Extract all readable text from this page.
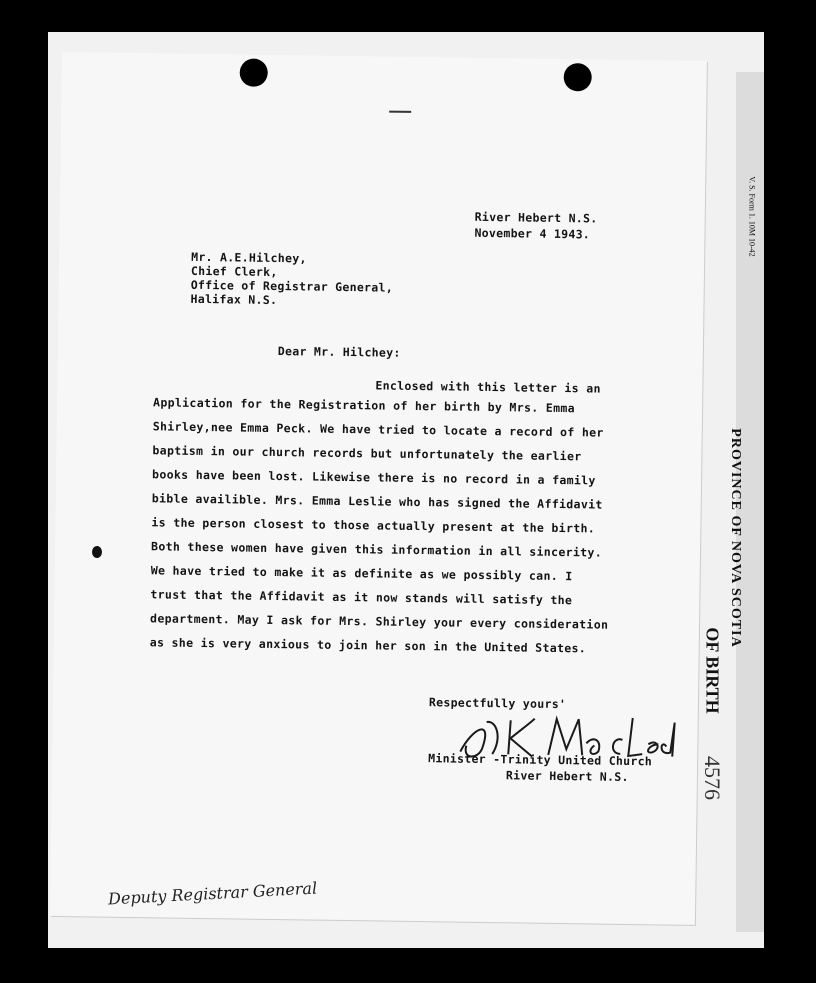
V. S. Form 1. 10M 10-42
PROVINCE OF NOVA SCOTIA
OF BIRTH
4576
River Hebert N.S.
November 4 1943.
Mr. A.E.Hilchey,
Chief Clerk,
Office of Registrar General,
Halifax N.S.
Dear Mr. Hilchey:
Enclosed with this letter is an
Application for the Registration of her birth by Mrs. Emma
Shirley,nee Emma Peck. We have tried to locate a record of her
baptism in our church records but unfortunately the earlier
books have been lost. Likewise there is no record in a family
bible availible. Mrs. Emma Leslie who has signed the Affidavit
is the person closest to those actually present at the birth.
Both these women have given this information in all sincerity.
We have tried to make it as definite as we possibly can. I
trust that the Affidavit as it now stands will satisfy the
department. May I ask for Mrs. Shirley your every consideration
as she is very anxious to join her son in the United States.
Respectfully yours'
Minister -Trinity United Church
River Hebert N.S.
Deputy Registrar General
